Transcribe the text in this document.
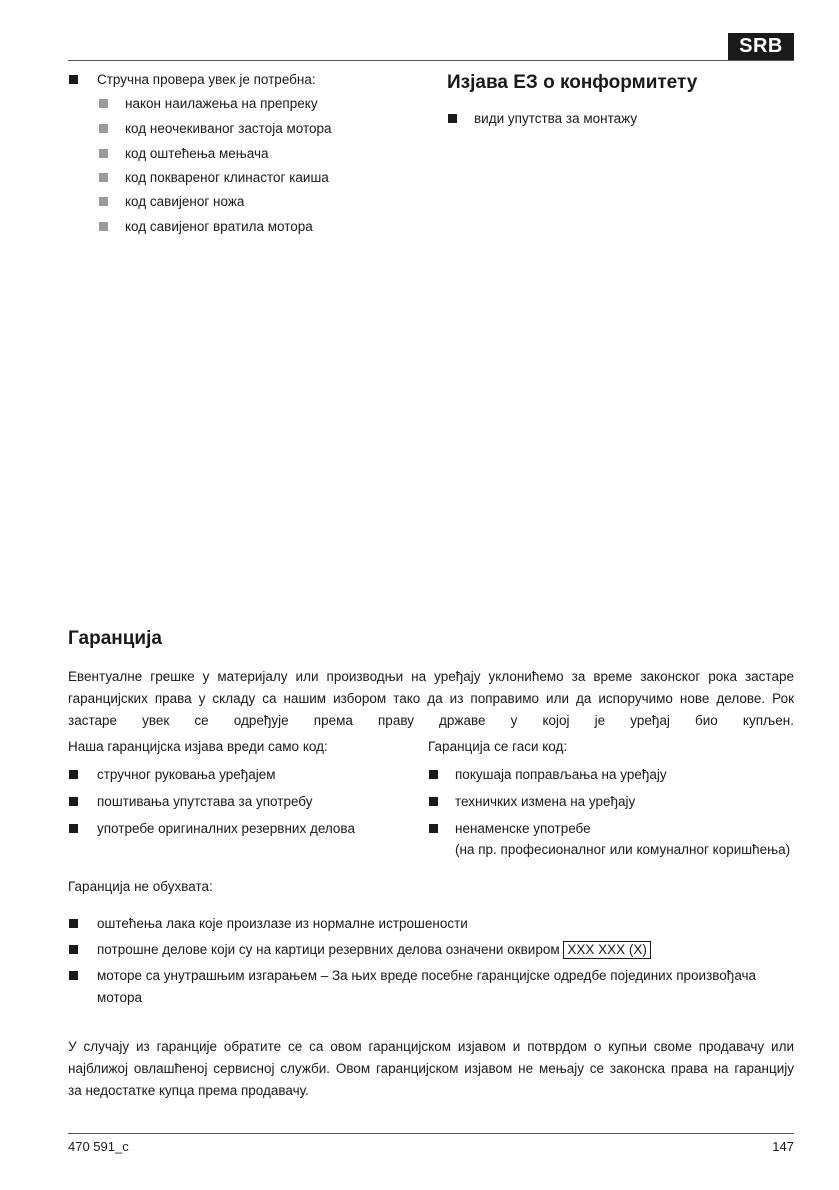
SRB
Стручна провера увек је потребна:
након наилажења на препреку
код неочекиваног застоја мотора
код оштећења мењача
код поквареног клинастог каиша
код савијеног ножа
код савијеног вратила мотора
Изјава ЕЗ о конформитету
види упутства за монтажу
Гаранција
Евентуалне грешке у материјалу или производњи на уређају уклонићемо за време законског рока застаре
гаранцијских права у складу са нашим избором тако да из поправимо или да испоручимо нове делове. Рок
застаре увек се одређује према праву државе у којој је уређај био купљен.
Наша гаранцијска изјава вреди само код:	Гаранција се гаси код:
стручног руковања уређајем
поштивања упутстава за употребу
употребе оригиналних резервних делова
покушаја поправљања на уређају
техничких измена на уређају
ненаменске употребе
(на пр. професионалног или комуналног коришћења)
Гаранција не обухвата:
оштећења лака које произлазе из нормалне истрошености
потрошне делове који су на картици резервних делова означени оквиром XXX XXX (X)
моторе са унутрашњим изгарањем – За њих вреде посебне гаранцијске одредбе појединих произвођача
мотора
У случају из гаранције обратите се са овом гаранцијском изјавом и потврдом о купњи своме продавачу или
најближој овлашћеној сервисној служби. Овом гаранцијском изјавом не мењају се законска права на гаранцију
за недостатке купца према продавачу.
470 591_c	147
